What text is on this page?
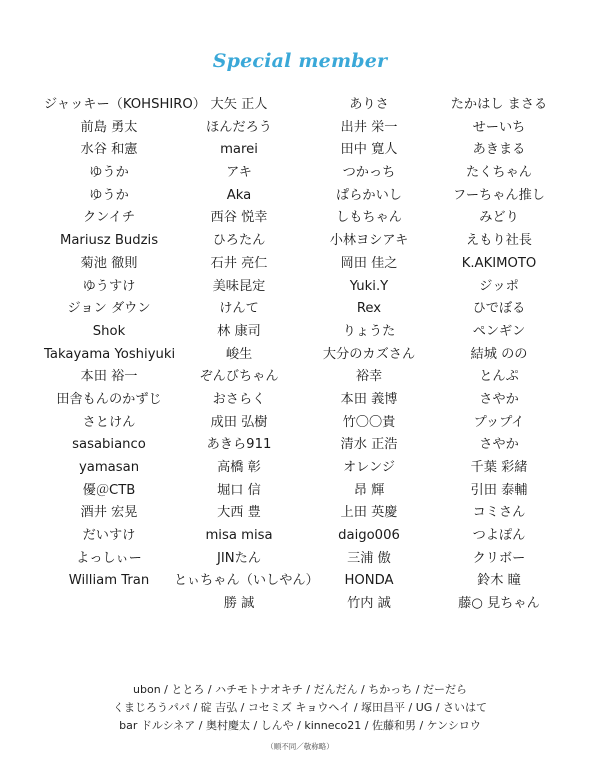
Special member
ジャッキー（KOHSHIRO）
前島 勇太
水谷 和憲
ゆうか
ゆうか
クンイチ
Mariusz Budzis
菊池 徹則
ゆうすけ
ジョン ダウン
Shok
Takayama Yoshiyuki
本田 裕一
田舎もんのかずじ
さとけん
sasabianco
yamasan
優＠CTB
酒井 宏晃
だいすけ
よっしぃー
William Tran
大矢 正人
ほんだろう
marei
アキ
Aka
西谷 悦幸
ひろたん
石井 亮仁
美味昆定
けんて
林 康司
峻生
ぞんびちゃん
おさらく
成田 弘樹
あきら911
高橋 彰
堀口 信
大西 豊
misa misa
JINたん
とぃちゃん（いしやん）
勝 誠
ありさ
出井 栄一
田中 寛人
つかっち
ぱらかいし
しもちゃん
小林ヨシアキ
岡田 佳之
Yuki.Y
Rex
りょうた
大分のカズさん
裕幸
本田 義博
竹〇〇貴
清水 正浩
オレンジ
昂 輝
上田 英慶
daigo006
三浦 傲
HONDA
竹内 誠
たかはし まさる
せーいち
あきまる
たくちゃん
フーちゃん推し
みどり
えもり社長
K.AKIMOTO
ジッポ
ひでぼる
ペンギン
結城 のの
とんぷ
さやか
プップイ
さやか
千葉 彩緒
引田 泰輔
コミさん
つよぽん
クリボー
鈴木 瞳
藤○ 見ちゃん
ubon / ととろ / ハチモトナオキチ / だんだん / ちかっち / だーだら
くまじろうパパ / 碇 吉弘 / コセミズ キョウヘイ / 塚田昌平 / UG / さいはて
bar ドルシネア / 奥村慶太 / しんや / kinneco21 / 佐藤和男 / ケンシロウ
（順不同／敬称略）
